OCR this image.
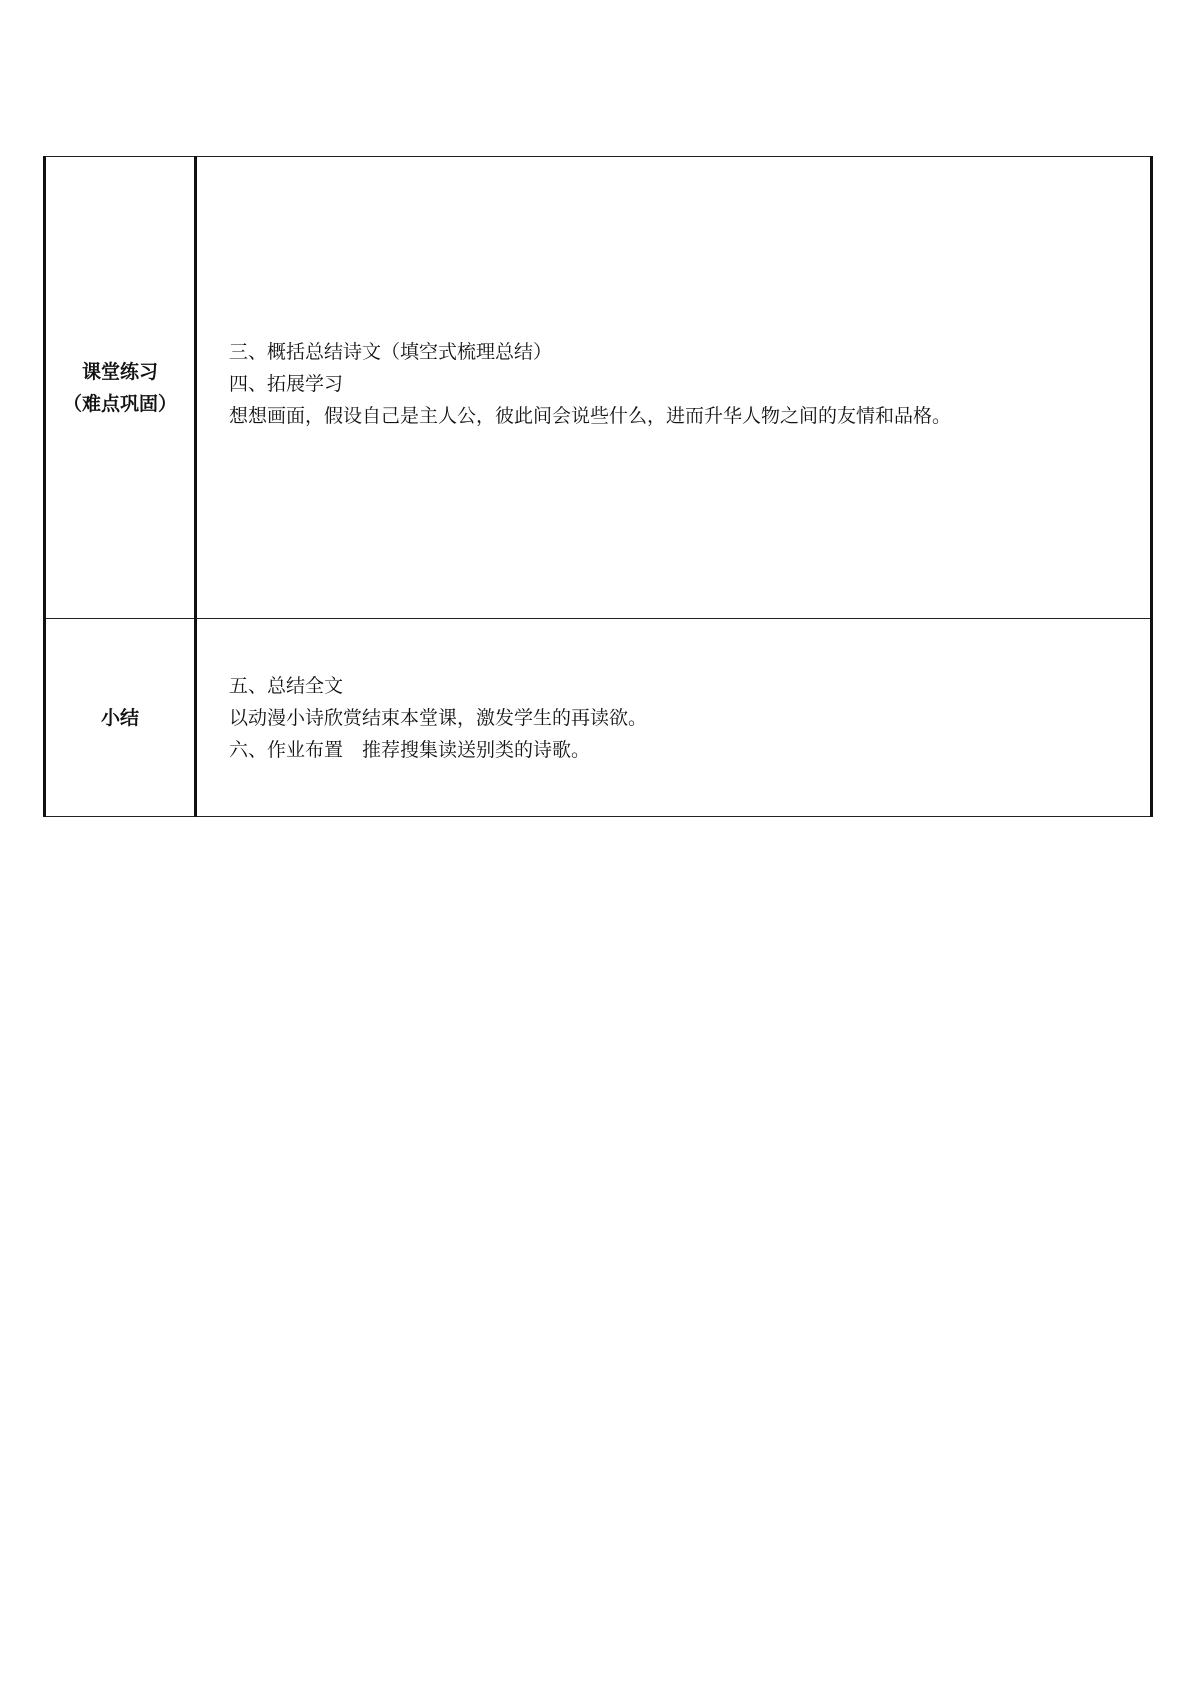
课堂练习
（难点巩固）	三、概括总结诗文（填空式梳理总结）
四、拓展学习
想想画面，假设自己是主人公，彼此间会说些什么，进而升华人物之间的友情和品格。

小结	五、总结全文
以动漫小诗欣赏结束本堂课，激发学生的再读欲。
六、作业布置　推荐搜集读送别类的诗歌。
